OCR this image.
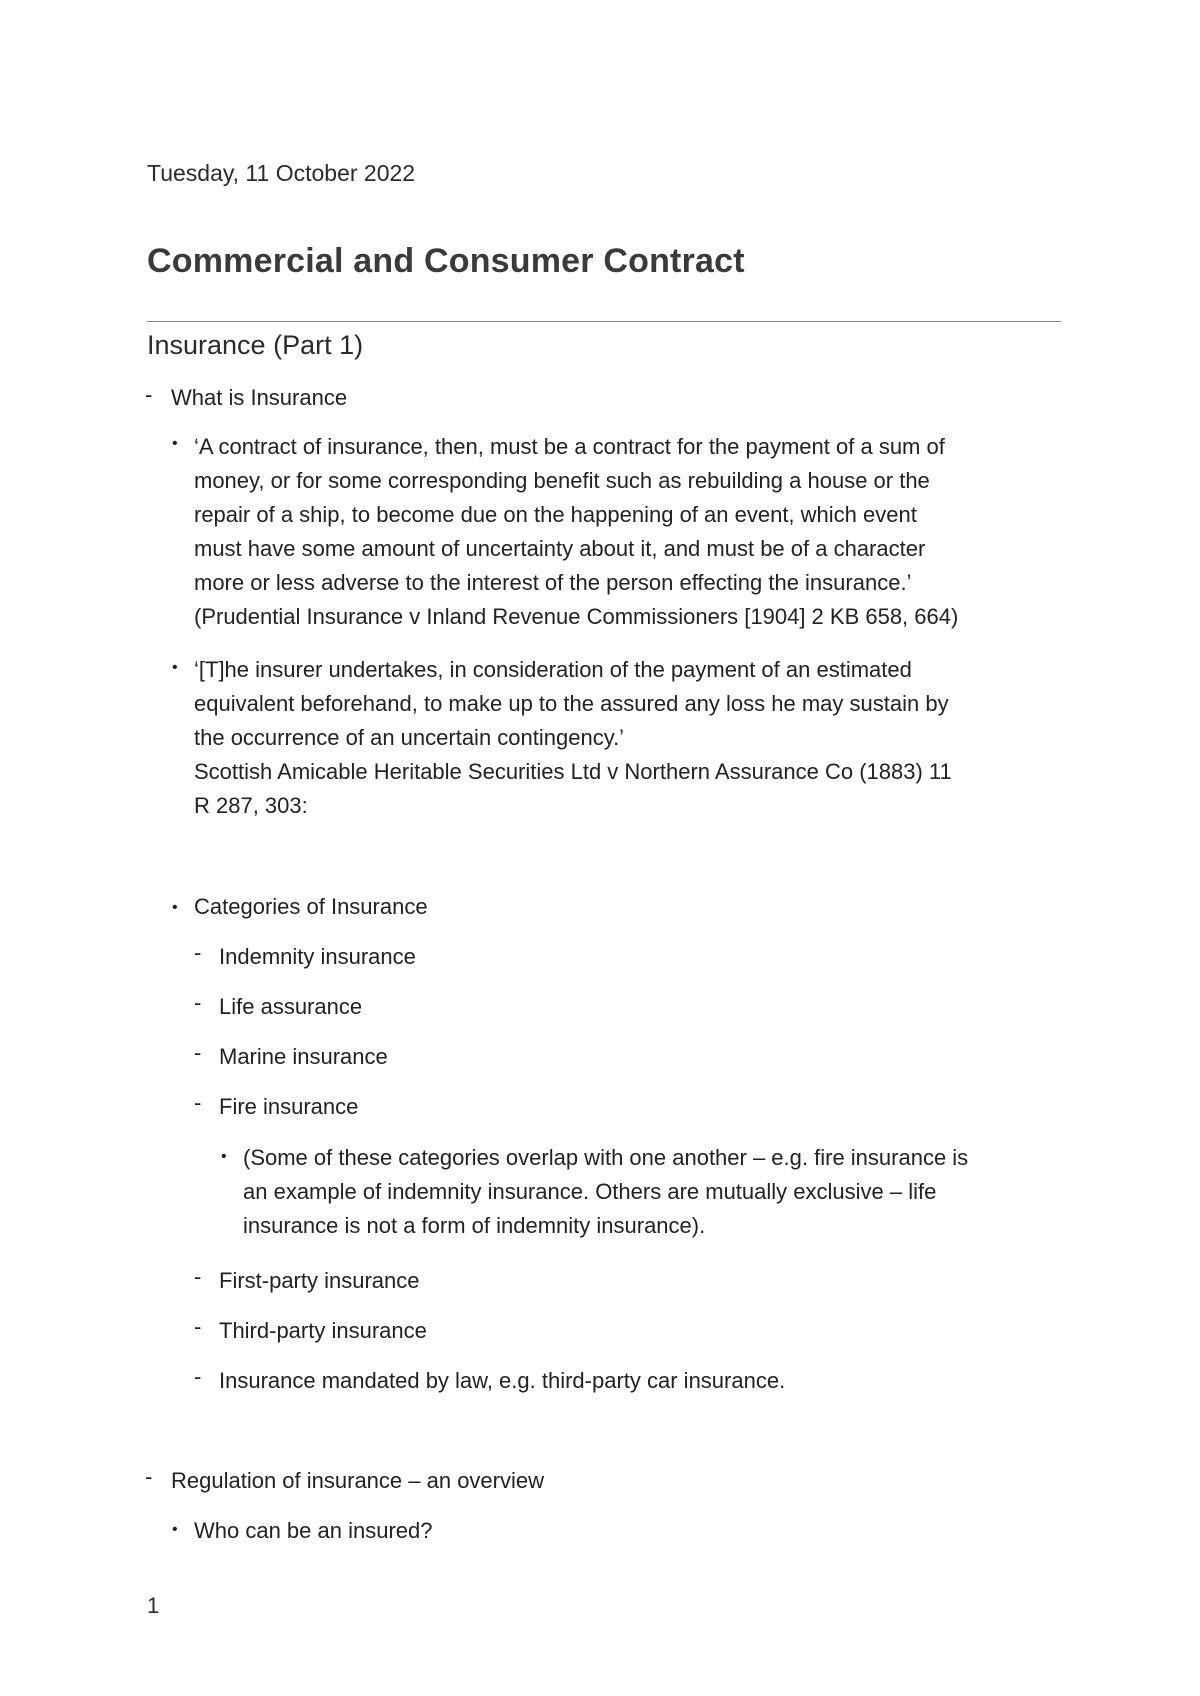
Tuesday, 11 October 2022
Commercial and Consumer Contract
Insurance (Part 1)
- What is Insurance
• ‘A contract of insurance, then, must be a contract for the payment of a sum of
money, or for some corresponding benefit such as rebuilding a house or the
repair of a ship, to become due on the happening of an event, which event
must have some amount of uncertainty about it, and must be of a character
more or less adverse to the interest of the person effecting the insurance.’
(Prudential Insurance v Inland Revenue Commissioners [1904] 2 KB 658, 664)
• ‘[T]he insurer undertakes, in consideration of the payment of an estimated
equivalent beforehand, to make up to the assured any loss he may sustain by
the occurrence of an uncertain contingency.’
Scottish Amicable Heritable Securities Ltd v Northern Assurance Co (1883) 11
R 287, 303:
• Categories of Insurance
- Indemnity insurance
- Life assurance
- Marine insurance
- Fire insurance
• (Some of these categories overlap with one another – e.g. fire insurance is
an example of indemnity insurance. Others are mutually exclusive – life
insurance is not a form of indemnity insurance).
- First-party insurance
- Third-party insurance
- Insurance mandated by law, e.g. third-party car insurance.
- Regulation of insurance – an overview
• Who can be an insured?
1
